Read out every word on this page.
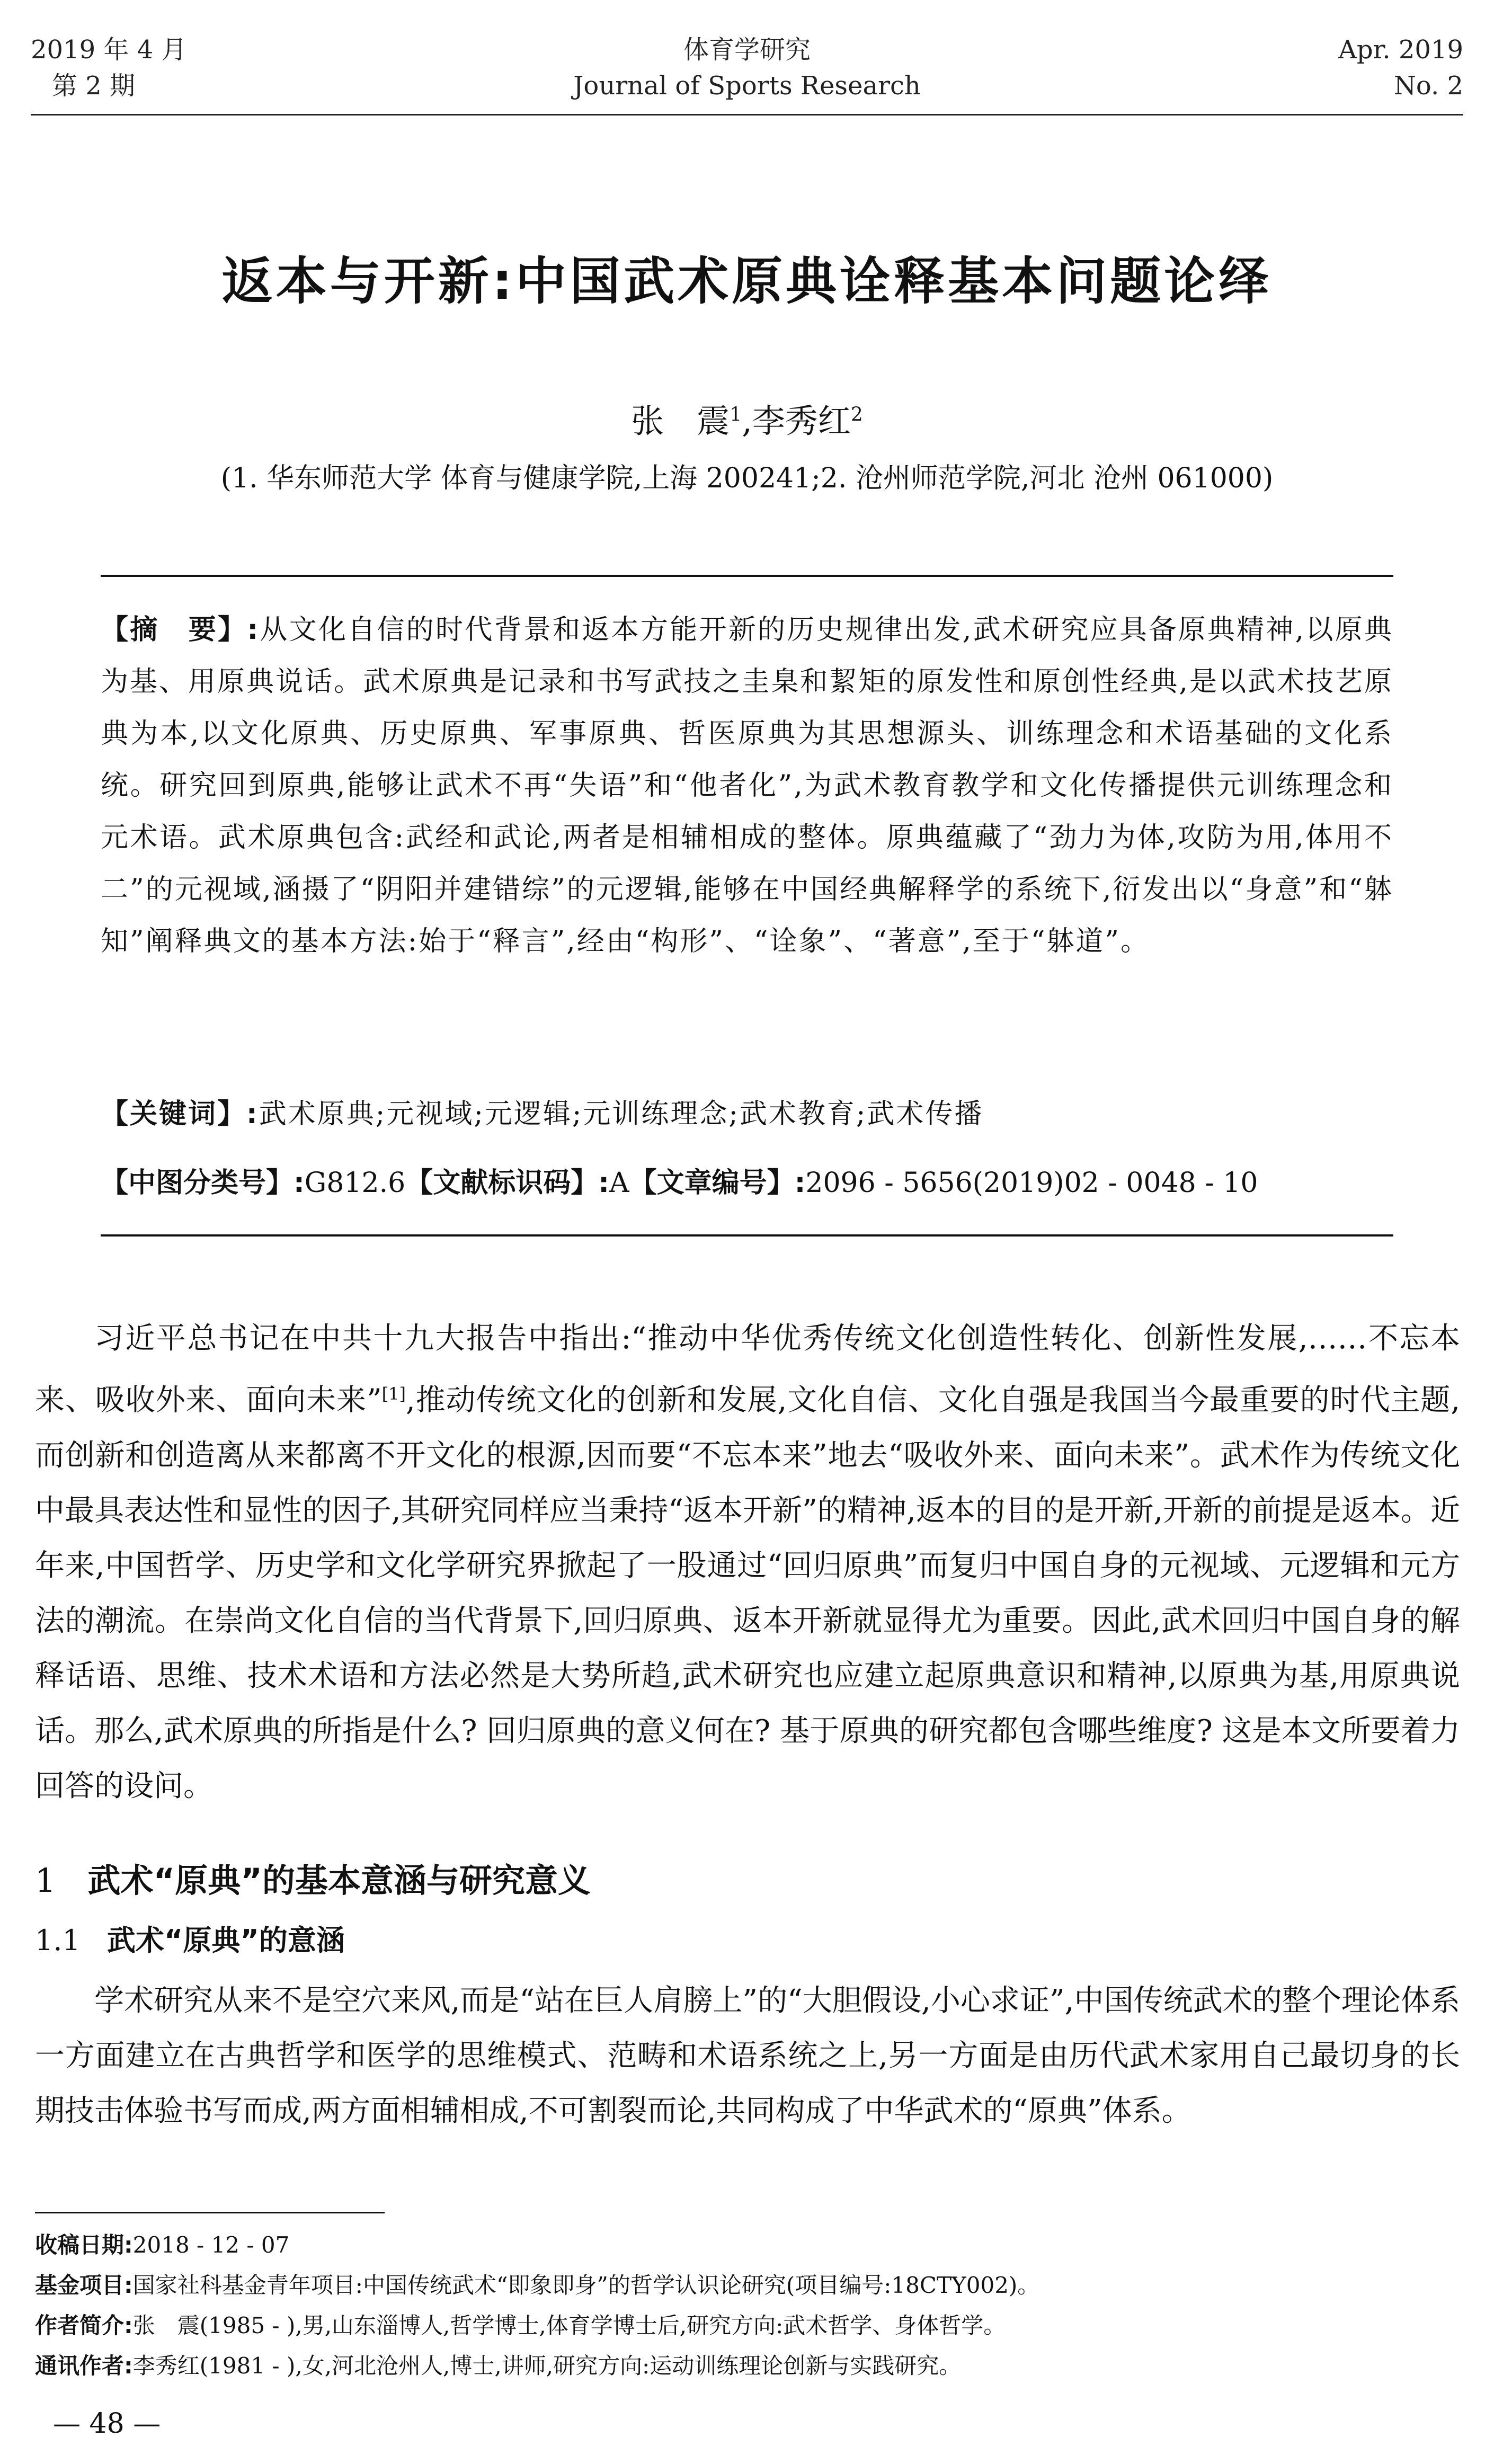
2019 年 4 月
第 2 期
体育学研究
Journal of Sports Research
Apr. 2019
No. 2
返本与开新:中国武术原典诠释基本问题论绎
张　震$^1$,李秀红$^2$
(1. 华东师范大学 体育与健康学院,上海 200241;2. 沧州师范学院,河北 沧州 061000)

【摘　要】:从文化自信的时代背景和返本方能开新的历史规律出发,武术研究应具备原典精神,以原典为基、用原典说话。武术原典是记录和书写武技之圭臬和絜矩的原发性和原创性经典,是以武术技艺原典为本,以文化原典、历史原典、军事原典、哲医原典为其思想源头、训练理念和术语基础的文化系统。研究回到原典,能够让武术不再“失语”和“他者化”,为武术教育教学和文化传播提供元训练理念和元术语。武术原典包含:武经和武论,两者是相辅相成的整体。原典蕴藏了“劲力为体,攻防为用,体用不二”的元视域,涵摄了“阴阳并建错综”的元逻辑,能够在中国经典解释学的系统下,衍发出以“身意”和“躰知”阐释典文的基本方法:始于“释言”,经由“构形”、“诠象”、“著意”,至于“躰道”。

【关键词】:武术原典;元视域;元逻辑;元训练理念;武术教育;武术传播
【中图分类号】:G812.6【文献标识码】:A【文章编号】:2096 - 5656(2019)02 - 0048 - 10

习近平总书记在中共十九大报告中指出:“推动中华优秀传统文化创造性转化、创新性发展,……不忘本来、吸收外来、面向未来”[1],推动传统文化的创新和发展,文化自信、文化自强是我国当今最重要的时代主题,而创新和创造离从来都离不开文化的根源,因而要“不忘本来”地去“吸收外来、面向未来”。武术作为传统文化中最具表达性和显性的因子,其研究同样应当秉持“返本开新”的精神,返本的目的是开新,开新的前提是返本。近年来,中国哲学、历史学和文化学研究界掀起了一股通过“回归原典”而复归中国自身的元视域、元逻辑和元方法的潮流。在崇尚文化自信的当代背景下,回归原典、返本开新就显得尤为重要。因此,武术回归中国自身的解释话语、思维、技术术语和方法必然是大势所趋,武术研究也应建立起原典意识和精神,以原典为基,用原典说话。那么,武术原典的所指是什么? 回归原典的意义何在? 基于原典的研究都包含哪些维度? 这是本文所要着力回答的设问。

1 武术“原典”的基本意涵与研究意义
1.1 武术“原典”的意涵

学术研究从来不是空穴来风,而是“站在巨人肩膀上”的“大胆假设,小心求证”,中国传统武术的整个理论体系一方面建立在古典哲学和医学的思维模式、范畴和术语系统之上,另一方面是由历代武术家用自己最切身的长期技击体验书写而成,两方面相辅相成,不可割裂而论,共同构成了中华武术的“原典”体系。

收稿日期:2018 - 12 - 07
基金项目:国家社科基金青年项目:中国传统武术“即象即身”的哲学认识论研究(项目编号:18CTY002)。
作者简介:张　震(1985 - ),男,山东淄博人,哲学博士,体育学博士后,研究方向:武术哲学、身体哲学。
通讯作者:李秀红(1981 - ),女,河北沧州人,博士,讲师,研究方向:运动训练理论创新与实践研究。
— 48 —
